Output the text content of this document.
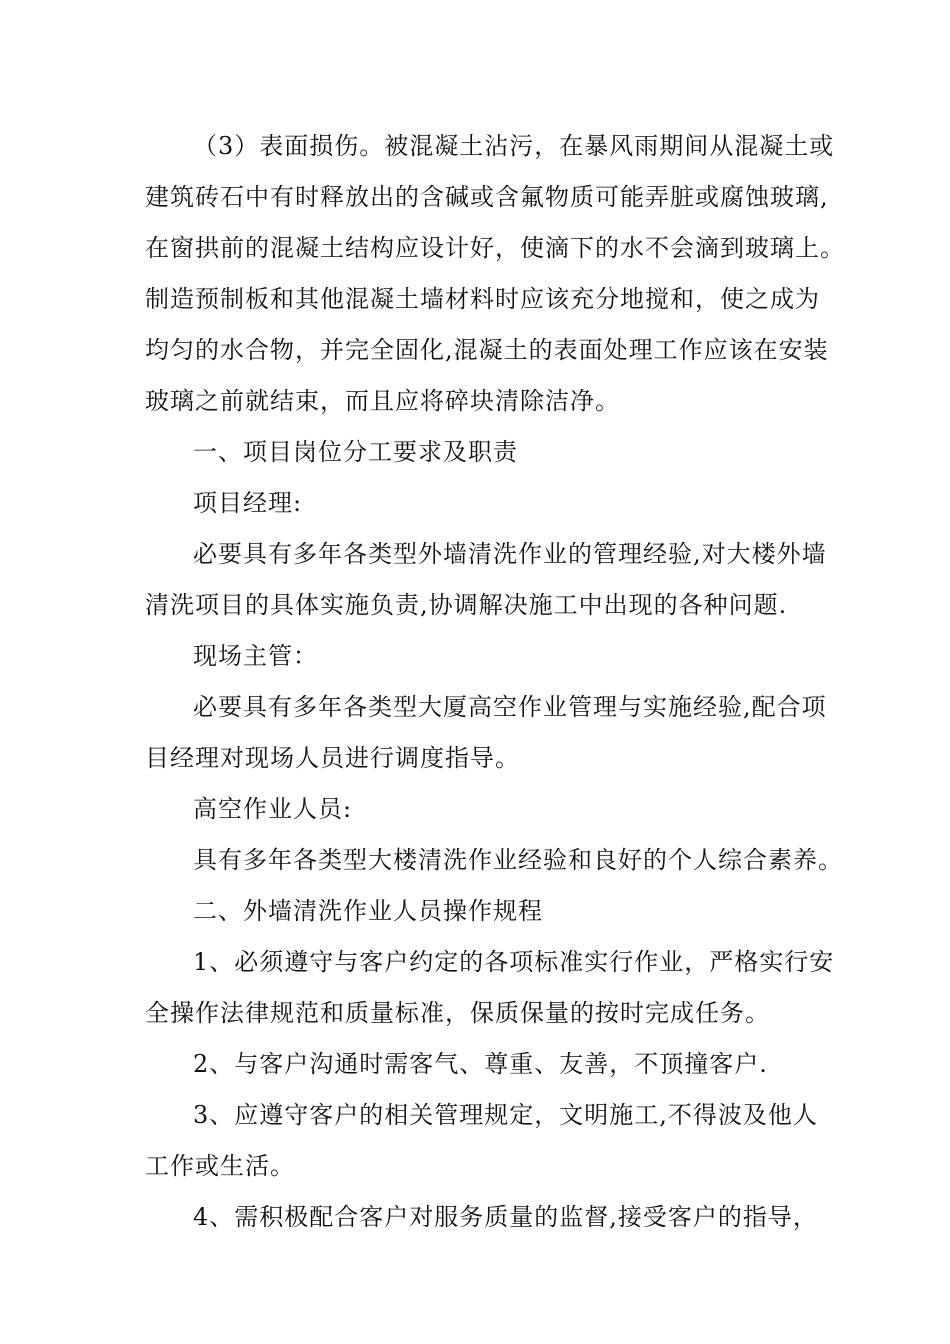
（3）表面损伤。被混凝土沾污，在暴风雨期间从混凝土或
建筑砖石中有时释放出的含碱或含氟物质可能弄脏或腐蚀玻璃,
在窗拱前的混凝土结构应设计好，使滴下的水不会滴到玻璃上。
制造预制板和其他混凝土墙材料时应该充分地搅和，使之成为
均匀的水合物，并完全固化,混凝土的表面处理工作应该在安装
玻璃之前就结束，而且应将碎块清除洁净。
一、项目岗位分工要求及职责
项目经理:
必要具有多年各类型外墙清洗作业的管理经验,对大楼外墙
清洗项目的具体实施负责,协调解决施工中出现的各种问题.
现场主管：
必要具有多年各类型大厦高空作业管理与实施经验,配合项
目经理对现场人员进行调度指导。
高空作业人员:
具有多年各类型大楼清洗作业经验和良好的个人综合素养。
二、外墙清洗作业人员操作规程
1、必须遵守与客户约定的各项标准实行作业，严格实行安
全操作法律规范和质量标准，保质保量的按时完成任务。
2、与客户沟通时需客气、尊重、友善，不顶撞客户.
3、应遵守客户的相关管理规定，文明施工,不得波及他人
工作或生活。
4、需积极配合客户对服务质量的监督,接受客户的指导，
